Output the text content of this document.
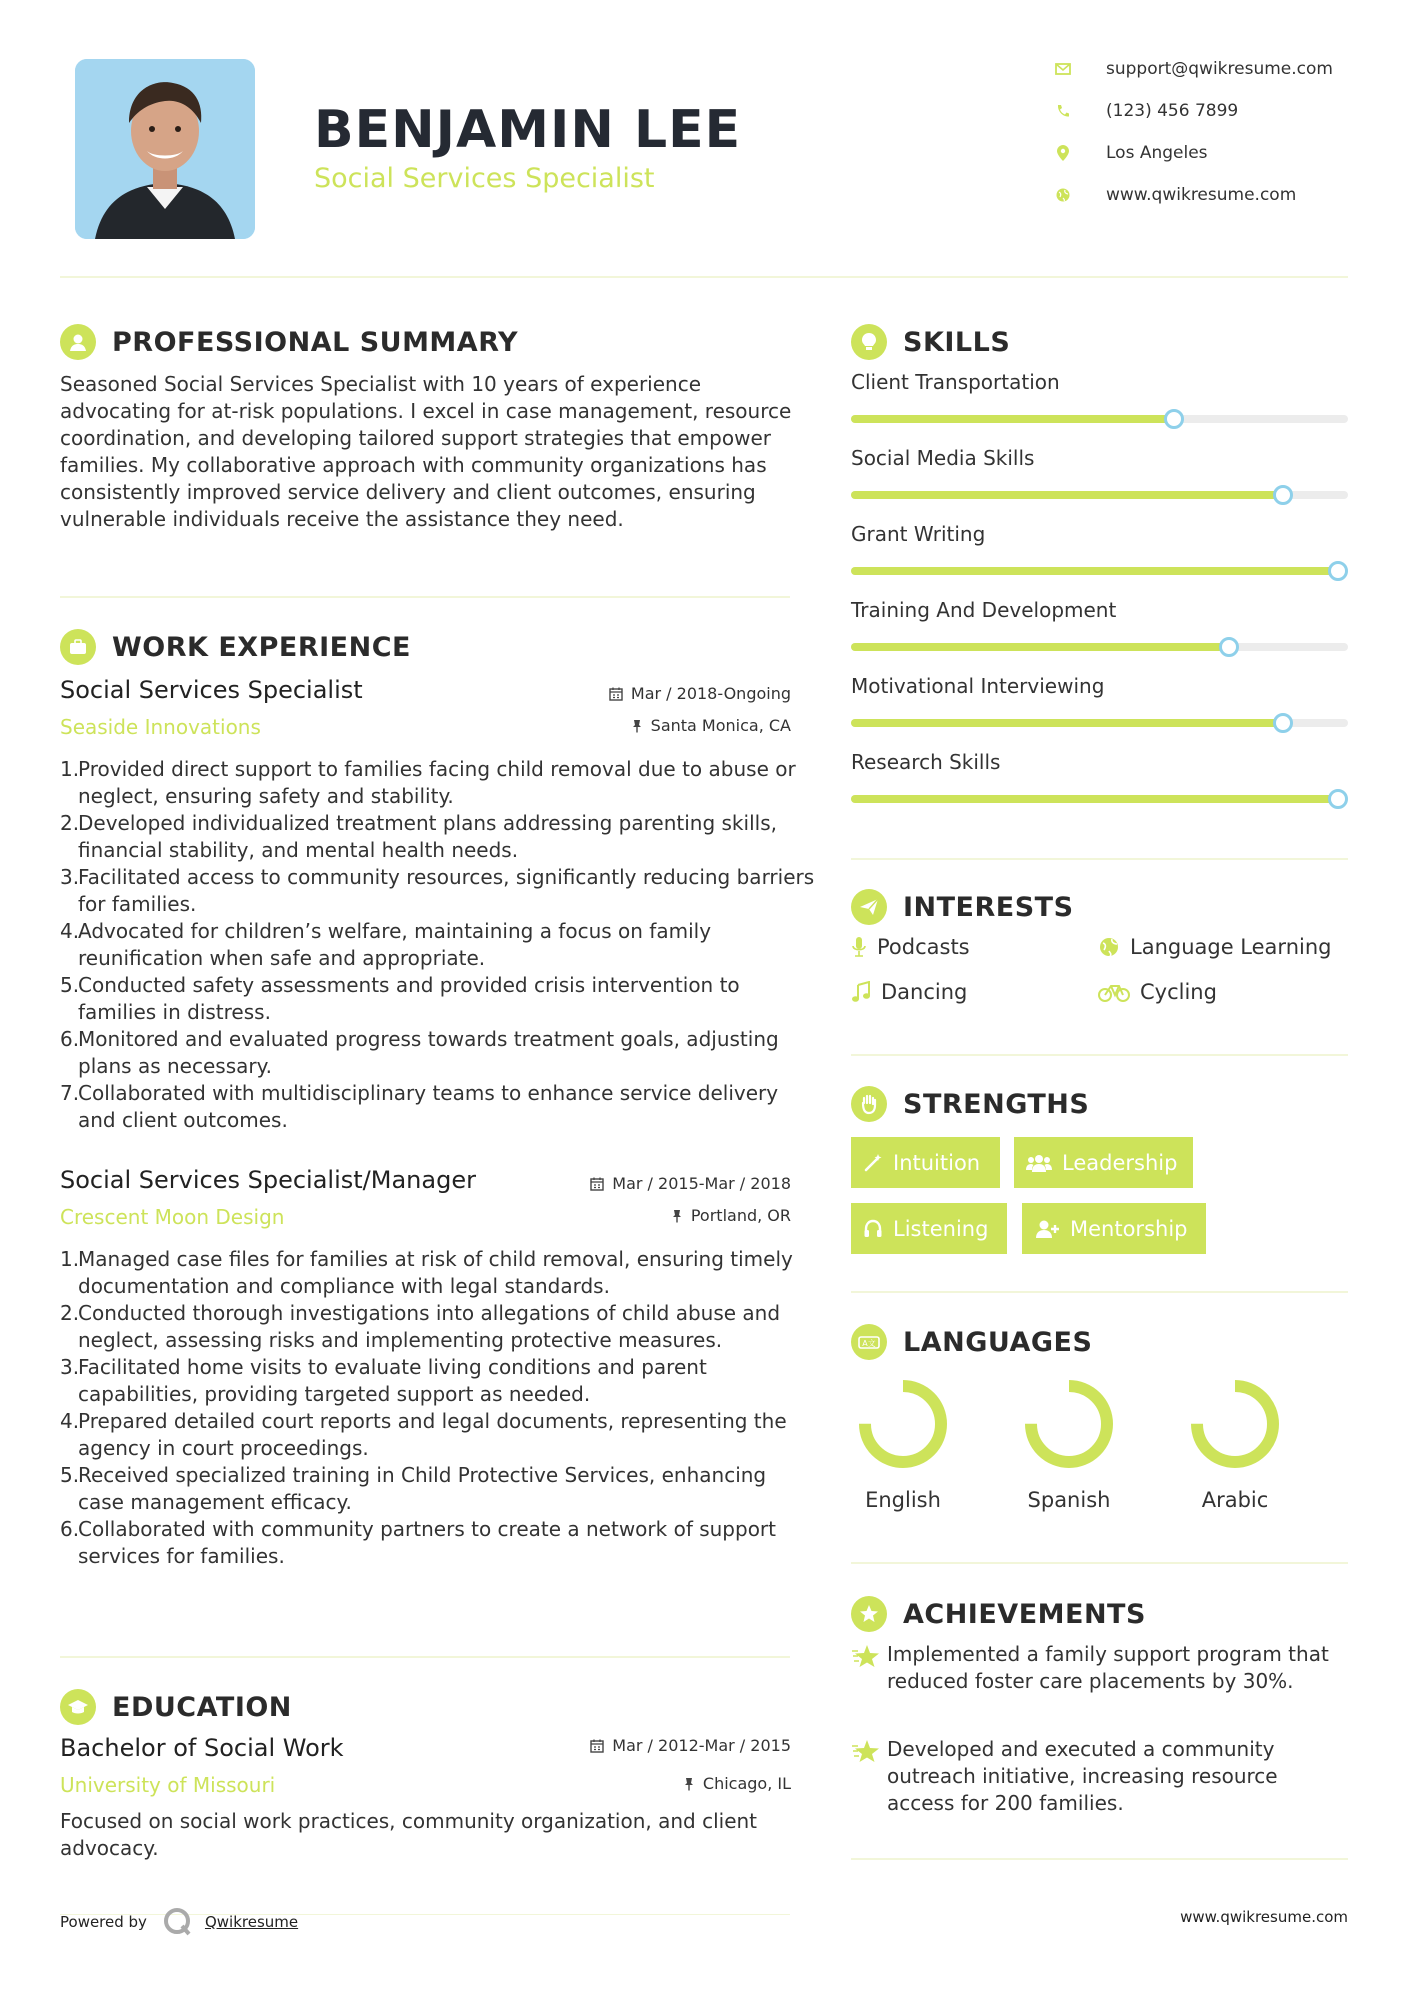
BENJAMIN LEE
Social Services Specialist
support@qwikresume.com
(123) 456 7899
Los Angeles
www.qwikresume.com
PROFESSIONAL SUMMARY
Seasoned Social Services Specialist with 10 years of experience advocating for at-risk populations. I excel in case management, resource coordination, and developing tailored support strategies that empower families. My collaborative approach with community organizations has consistently improved service delivery and client outcomes, ensuring vulnerable individuals receive the assistance they need.
WORK EXPERIENCE
Social Services Specialist	Mar / 2018-Ongoing
Seaside Innovations	Santa Monica, CA
Provided direct support to families facing child removal due to abuse or neglect, ensuring safety and stability.
Developed individualized treatment plans addressing parenting skills, financial stability, and mental health needs.
Facilitated access to community resources, significantly reducing barriers for families.
Advocated for children’s welfare, maintaining a focus on family reunification when safe and appropriate.
Conducted safety assessments and provided crisis intervention to families in distress.
Monitored and evaluated progress towards treatment goals, adjusting plans as necessary.
Collaborated with multidisciplinary teams to enhance service delivery and client outcomes.
Social Services Specialist/Manager	Mar / 2015-Mar / 2018
Crescent Moon Design	Portland, OR
Managed case files for families at risk of child removal, ensuring timely documentation and compliance with legal standards.
Conducted thorough investigations into allegations of child abuse and neglect, assessing risks and implementing protective measures.
Facilitated home visits to evaluate living conditions and parent capabilities, providing targeted support as needed.
Prepared detailed court reports and legal documents, representing the agency in court proceedings.
Received specialized training in Child Protective Services, enhancing case management efficacy.
Collaborated with community partners to create a network of support services for families.
EDUCATION
Bachelor of Social Work	Mar / 2012-Mar / 2015
University of Missouri	Chicago, IL
Focused on social work practices, community organization, and client advocacy.
Powered by	Qwikresume	www.qwikresume.com
SKILLS
Client Transportation
Social Media Skills
Grant Writing
Training And Development
Motivational Interviewing
Research Skills
INTERESTS
Podcasts	Language Learning
Dancing	Cycling
STRENGTHS
Intuition	Leadership
Listening	Mentorship
A文 LANGUAGES
English	Spanish	Arabic
ACHIEVEMENTS
Implemented a family support program that reduced foster care placements by 30%.
Developed and executed a community outreach initiative, increasing resource access for 200 families.
